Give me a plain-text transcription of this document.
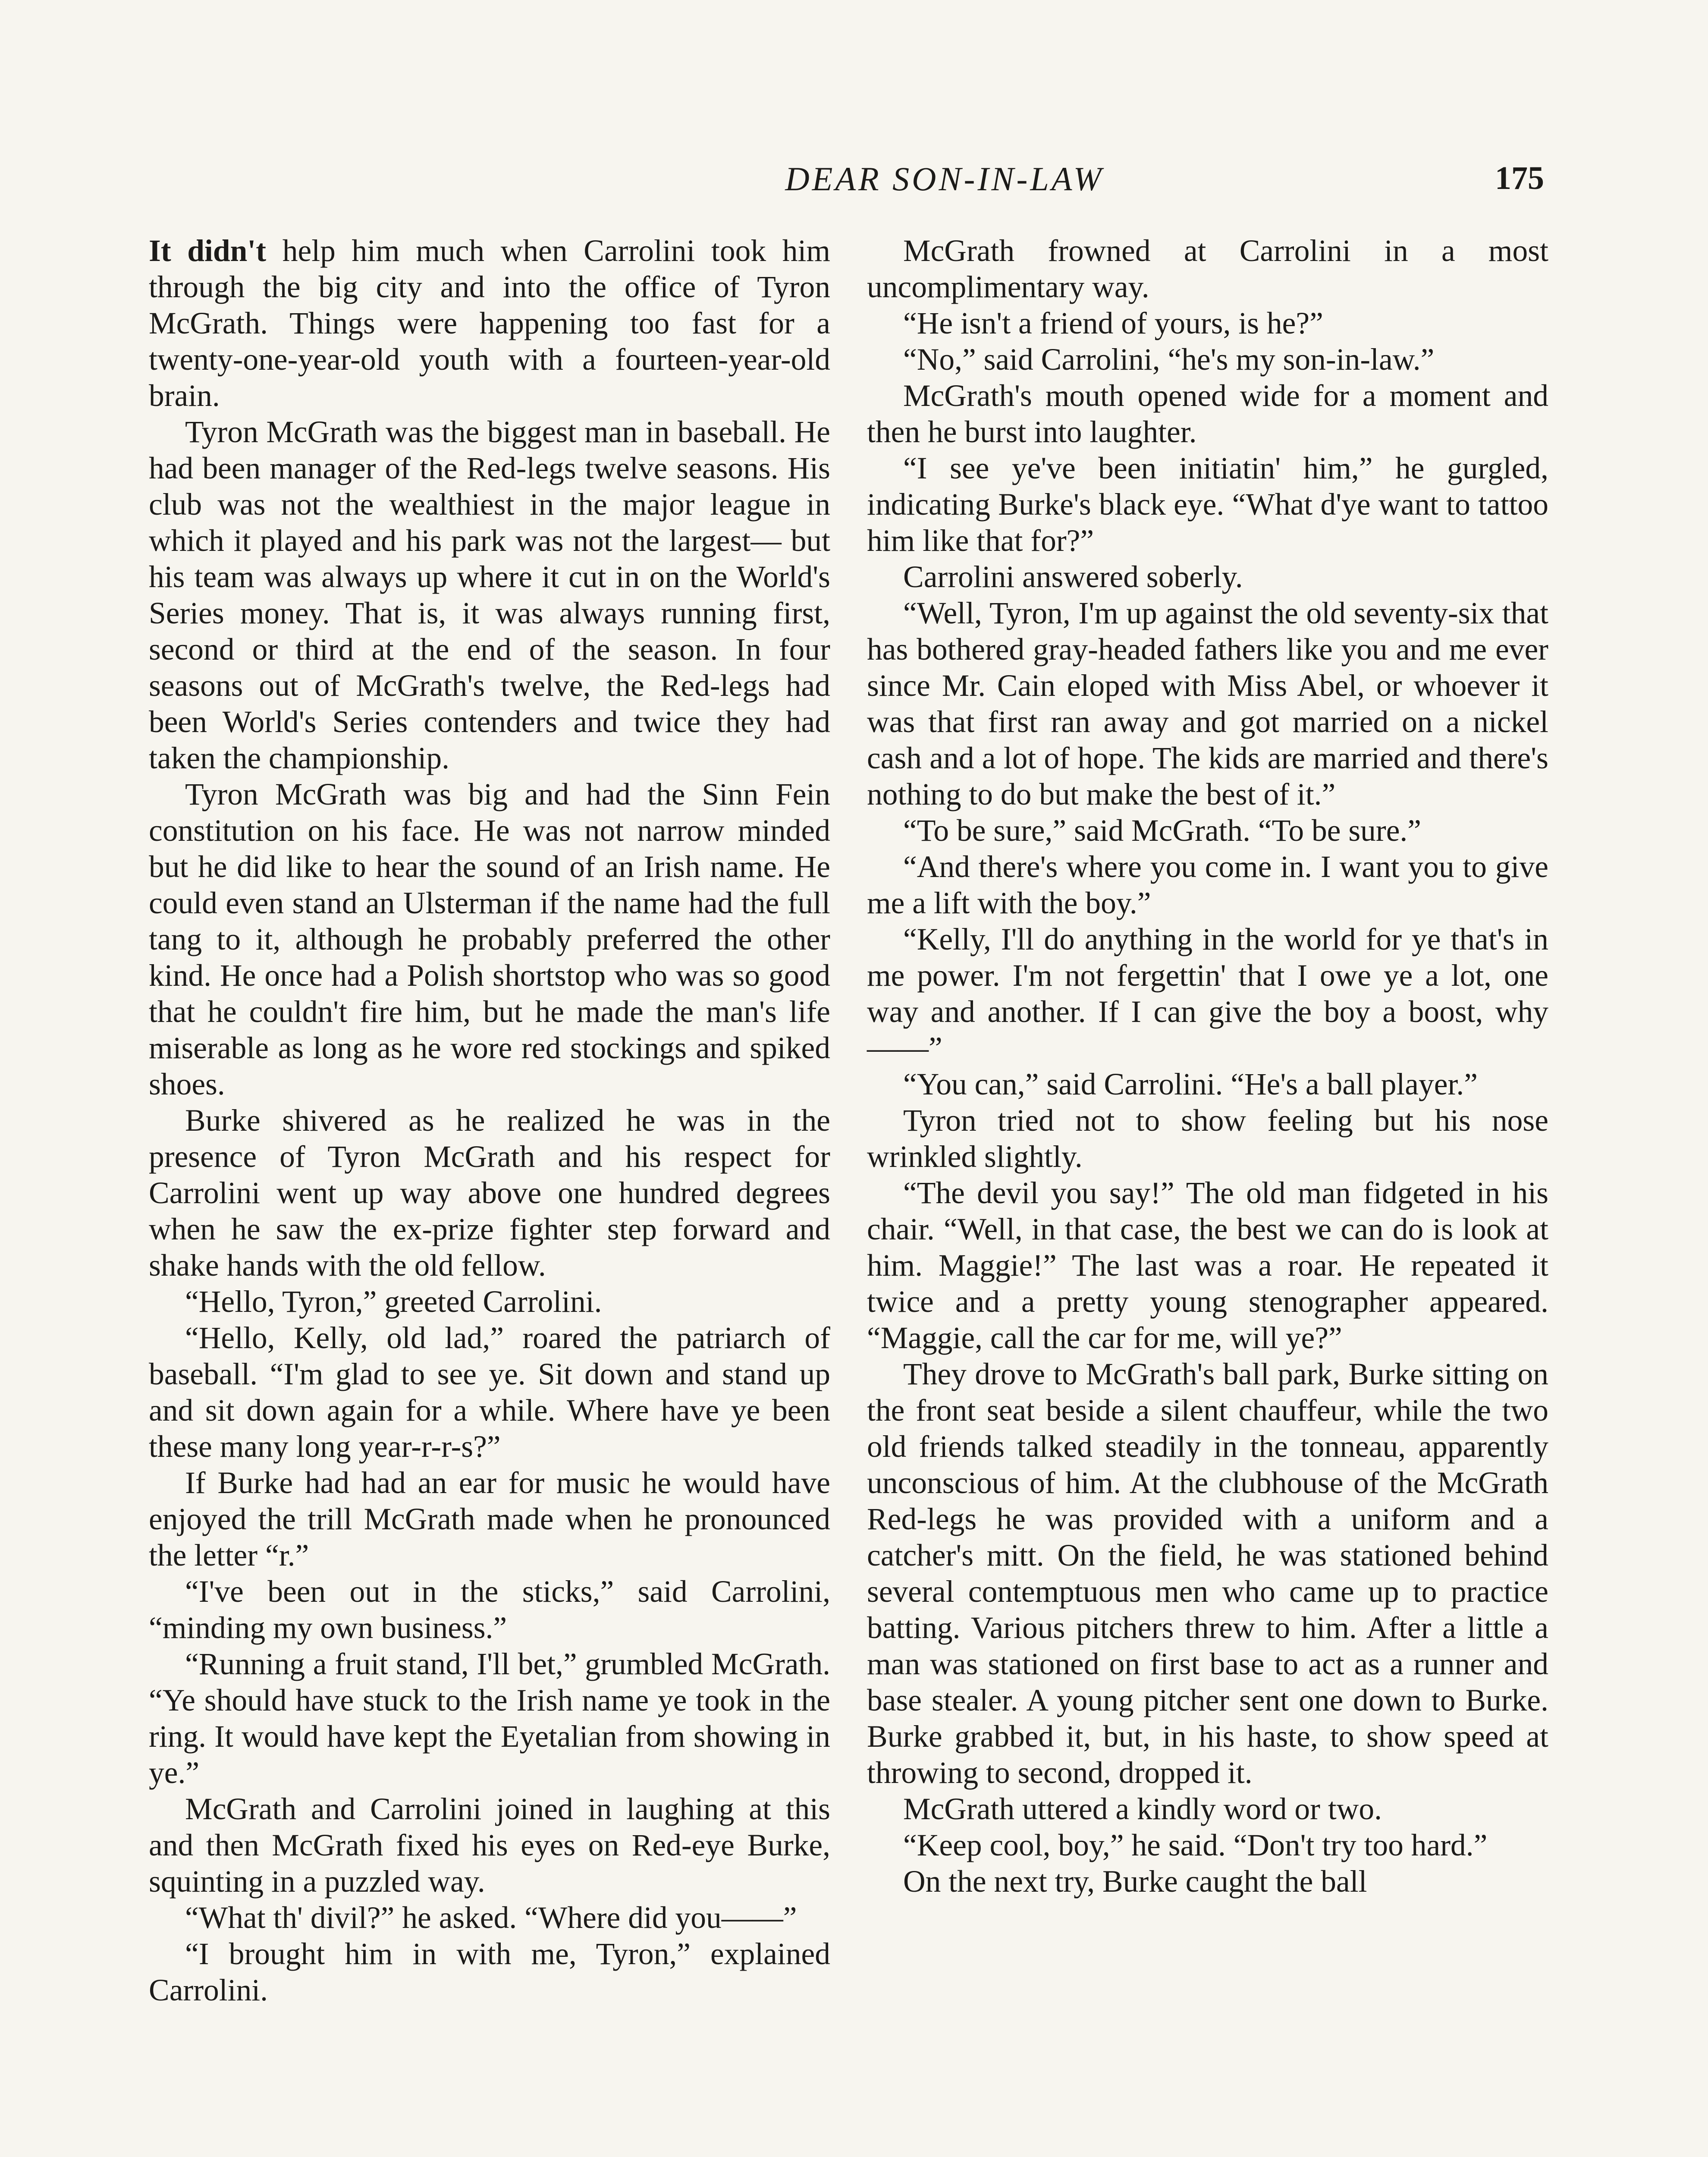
DEAR SON-IN-LAW	175

It didn't help him much when Carrolini took him through the big city and into the office of Tyron McGrath. Things were happening too fast for a twenty-one-year-old youth with a fourteen-year-old brain.

Tyron McGrath was the biggest man in baseball. He had been manager of the Red-legs twelve seasons. His club was not the wealthiest in the major league in which it played and his park was not the largest— but his team was always up where it cut in on the World's Series money. That is, it was always running first, second or third at the end of the season. In four seasons out of McGrath's twelve, the Red-legs had been World's Series contenders and twice they had taken the championship.

Tyron McGrath was big and had the Sinn Fein constitution on his face. He was not narrow minded but he did like to hear the sound of an Irish name. He could even stand an Ulsterman if the name had the full tang to it, although he probably preferred the other kind. He once had a Polish shortstop who was so good that he couldn't fire him, but he made the man's life miserable as long as he wore red stockings and spiked shoes.

Burke shivered as he realized he was in the presence of Tyron McGrath and his respect for Carrolini went up way above one hundred degrees when he saw the ex-prize fighter step forward and shake hands with the old fellow.

“Hello, Tyron,” greeted Carrolini.

“Hello, Kelly, old lad,” roared the patriarch of baseball. “I'm glad to see ye. Sit down and stand up and sit down again for a while. Where have ye been these many long year-r-r-s?”

If Burke had had an ear for music he would have enjoyed the trill McGrath made when he pronounced the letter “r.”

“I've been out in the sticks,” said Carrolini, “minding my own business.”

“Running a fruit stand, I'll bet,” grumbled McGrath. “Ye should have stuck to the Irish name ye took in the ring. It would have kept the Eyetalian from showing in ye.”

McGrath and Carrolini joined in laughing at this and then McGrath fixed his eyes on Red-eye Burke, squinting in a puzzled way.

“What th' divil?” he asked. “Where did you——”

“I brought him in with me, Tyron,” explained Carrolini.

McGrath frowned at Carrolini in a most uncomplimentary way.

“He isn't a friend of yours, is he?”

“No,” said Carrolini, “he's my son-in-law.”

McGrath's mouth opened wide for a moment and then he burst into laughter.

“I see ye've been initiatin' him,” he gurgled, indicating Burke's black eye. “What d'ye want to tattoo him like that for?”

Carrolini answered soberly.

“Well, Tyron, I'm up against the old seventy-six that has bothered gray-headed fathers like you and me ever since Mr. Cain eloped with Miss Abel, or whoever it was that first ran away and got married on a nickel cash and a lot of hope. The kids are married and there's nothing to do but make the best of it.”

“To be sure,” said McGrath. “To be sure.”

“And there's where you come in. I want you to give me a lift with the boy.”

“Kelly, I'll do anything in the world for ye that's in me power. I'm not fergettin' that I owe ye a lot, one way and another. If I can give the boy a boost, why——”

“You can,” said Carrolini. “He's a ball player.”

Tyron tried not to show feeling but his nose wrinkled slightly.

“The devil you say!” The old man fidgeted in his chair. “Well, in that case, the best we can do is look at him. Maggie!” The last was a roar. He repeated it twice and a pretty young stenographer appeared. “Maggie, call the car for me, will ye?”

They drove to McGrath's ball park, Burke sitting on the front seat beside a silent chauffeur, while the two old friends talked steadily in the tonneau, apparently unconscious of him. At the clubhouse of the McGrath Red-legs he was provided with a uniform and a catcher's mitt. On the field, he was stationed behind several contemptuous men who came up to practice batting. Various pitchers threw to him. After a little a man was stationed on first base to act as a runner and base stealer. A young pitcher sent one down to Burke. Burke grabbed it, but, in his haste, to show speed at throwing to second, dropped it.

McGrath uttered a kindly word or two.

“Keep cool, boy,” he said. “Don't try too hard.”

On the next try, Burke caught the ball
